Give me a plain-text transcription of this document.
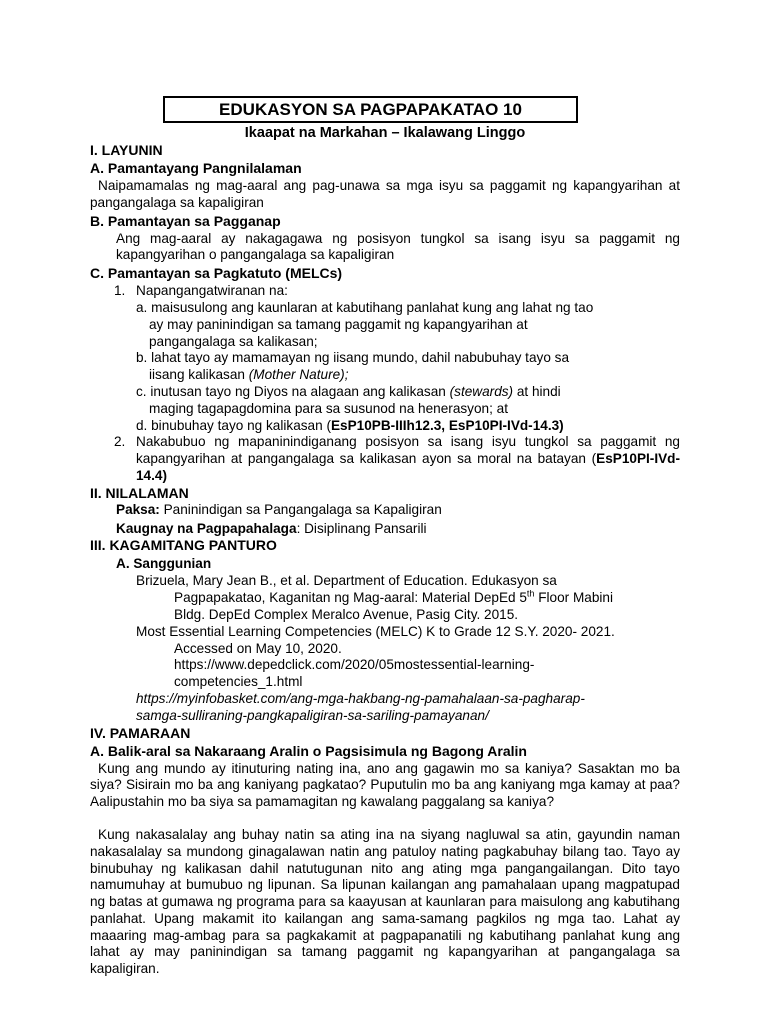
EDUKASYON SA PAGPAPAKATAO 10
Ikaapat na Markahan – Ikalawang Linggo
I. LAYUNIN
A. Pamantayang Pangnilalaman
Naipamamalas ng mag-aaral ang pag-unawa sa mga isyu sa paggamit ng kapangyarihan at pangangalaga sa kapaligiran
B. Pamantayan sa Pagganap
Ang mag-aaral ay nakagagawa ng posisyon tungkol sa isang isyu sa paggamit ng kapangyarihan o pangangalaga sa kapaligiran
C. Pamantayan sa Pagkatuto (MELCs)
1. Napangangatwiranan na:
a. maisusulong ang kaunlaran at kabutihang panlahat kung ang lahat ng tao
ay may paninindigan sa tamang paggamit ng kapangyarihan at
pangangalaga sa kalikasan;
b. lahat tayo ay mamamayan ng iisang mundo, dahil nabubuhay tayo sa
iisang kalikasan (Mother Nature);
c. inutusan tayo ng Diyos na alagaan ang kalikasan (stewards) at hindi
maging tagapagdomina para sa susunod na henerasyon; at
d. binubuhay tayo ng kalikasan (EsP10PB-IIIh12.3, EsP10PI-IVd-14.3)
2. Nakabubuo ng mapaninindiganang posisyon sa isang isyu tungkol sa paggamit ng kapangyarihan at pangangalaga sa kalikasan ayon sa moral na batayan (EsP10PI-IVd-14.4)
II. NILALAMAN
Paksa: Paninindigan sa Pangangalaga sa Kapaligiran
Kaugnay na Pagpapahalaga: Disiplinang Pansarili
III. KAGAMITANG PANTURO
A. Sanggunian
Brizuela, Mary Jean B., et al. Department of Education. Edukasyon sa
Pagpapakatao, Kaganitan ng Mag-aaral: Material DepEd 5th Floor Mabini
Bldg. DepEd Complex Meralco Avenue, Pasig City. 2015.
Most Essential Learning Competencies (MELC) K to Grade 12 S.Y. 2020- 2021.
Accessed on May 10, 2020.
https://www.depedclick.com/2020/05mostessential-learning-
competencies_1.html
https://myinfobasket.com/ang-mga-hakbang-ng-pamahalaan-sa-pagharap-
samga-sulliraning-pangkapaligiran-sa-sariling-pamayanan/
IV. PAMARAAN
A. Balik-aral sa Nakaraang Aralin o Pagsisimula ng Bagong Aralin
Kung ang mundo ay itinuturing nating ina, ano ang gagawin mo sa kaniya? Sasaktan mo ba siya? Sisirain mo ba ang kaniyang pagkatao? Puputulin mo ba ang kaniyang mga kamay at paa? Aalipustahin mo ba siya sa pamamagitan ng kawalang paggalang sa kaniya?
Kung nakasalalay ang buhay natin sa ating ina na siyang nagluwal sa atin, gayundin naman nakasalalay sa mundong ginagalawan natin ang patuloy nating pagkabuhay bilang tao. Tayo ay binubuhay ng kalikasan dahil natutugunan nito ang ating mga pangangailangan. Dito tayo namumuhay at bumubuo ng lipunan. Sa lipunan kailangan ang pamahalaan upang magpatupad ng batas at gumawa ng programa para sa kaayusan at kaunlaran para maisulong ang kabutihang panlahat. Upang makamit ito kailangan ang sama-samang pagkilos ng mga tao. Lahat ay maaaring mag-ambag para sa pagkakamit at pagpapanatili ng kabutihang panlahat kung ang lahat ay may paninindigan sa tamang paggamit ng kapangyarihan at pangangalaga sa kapaligiran.
